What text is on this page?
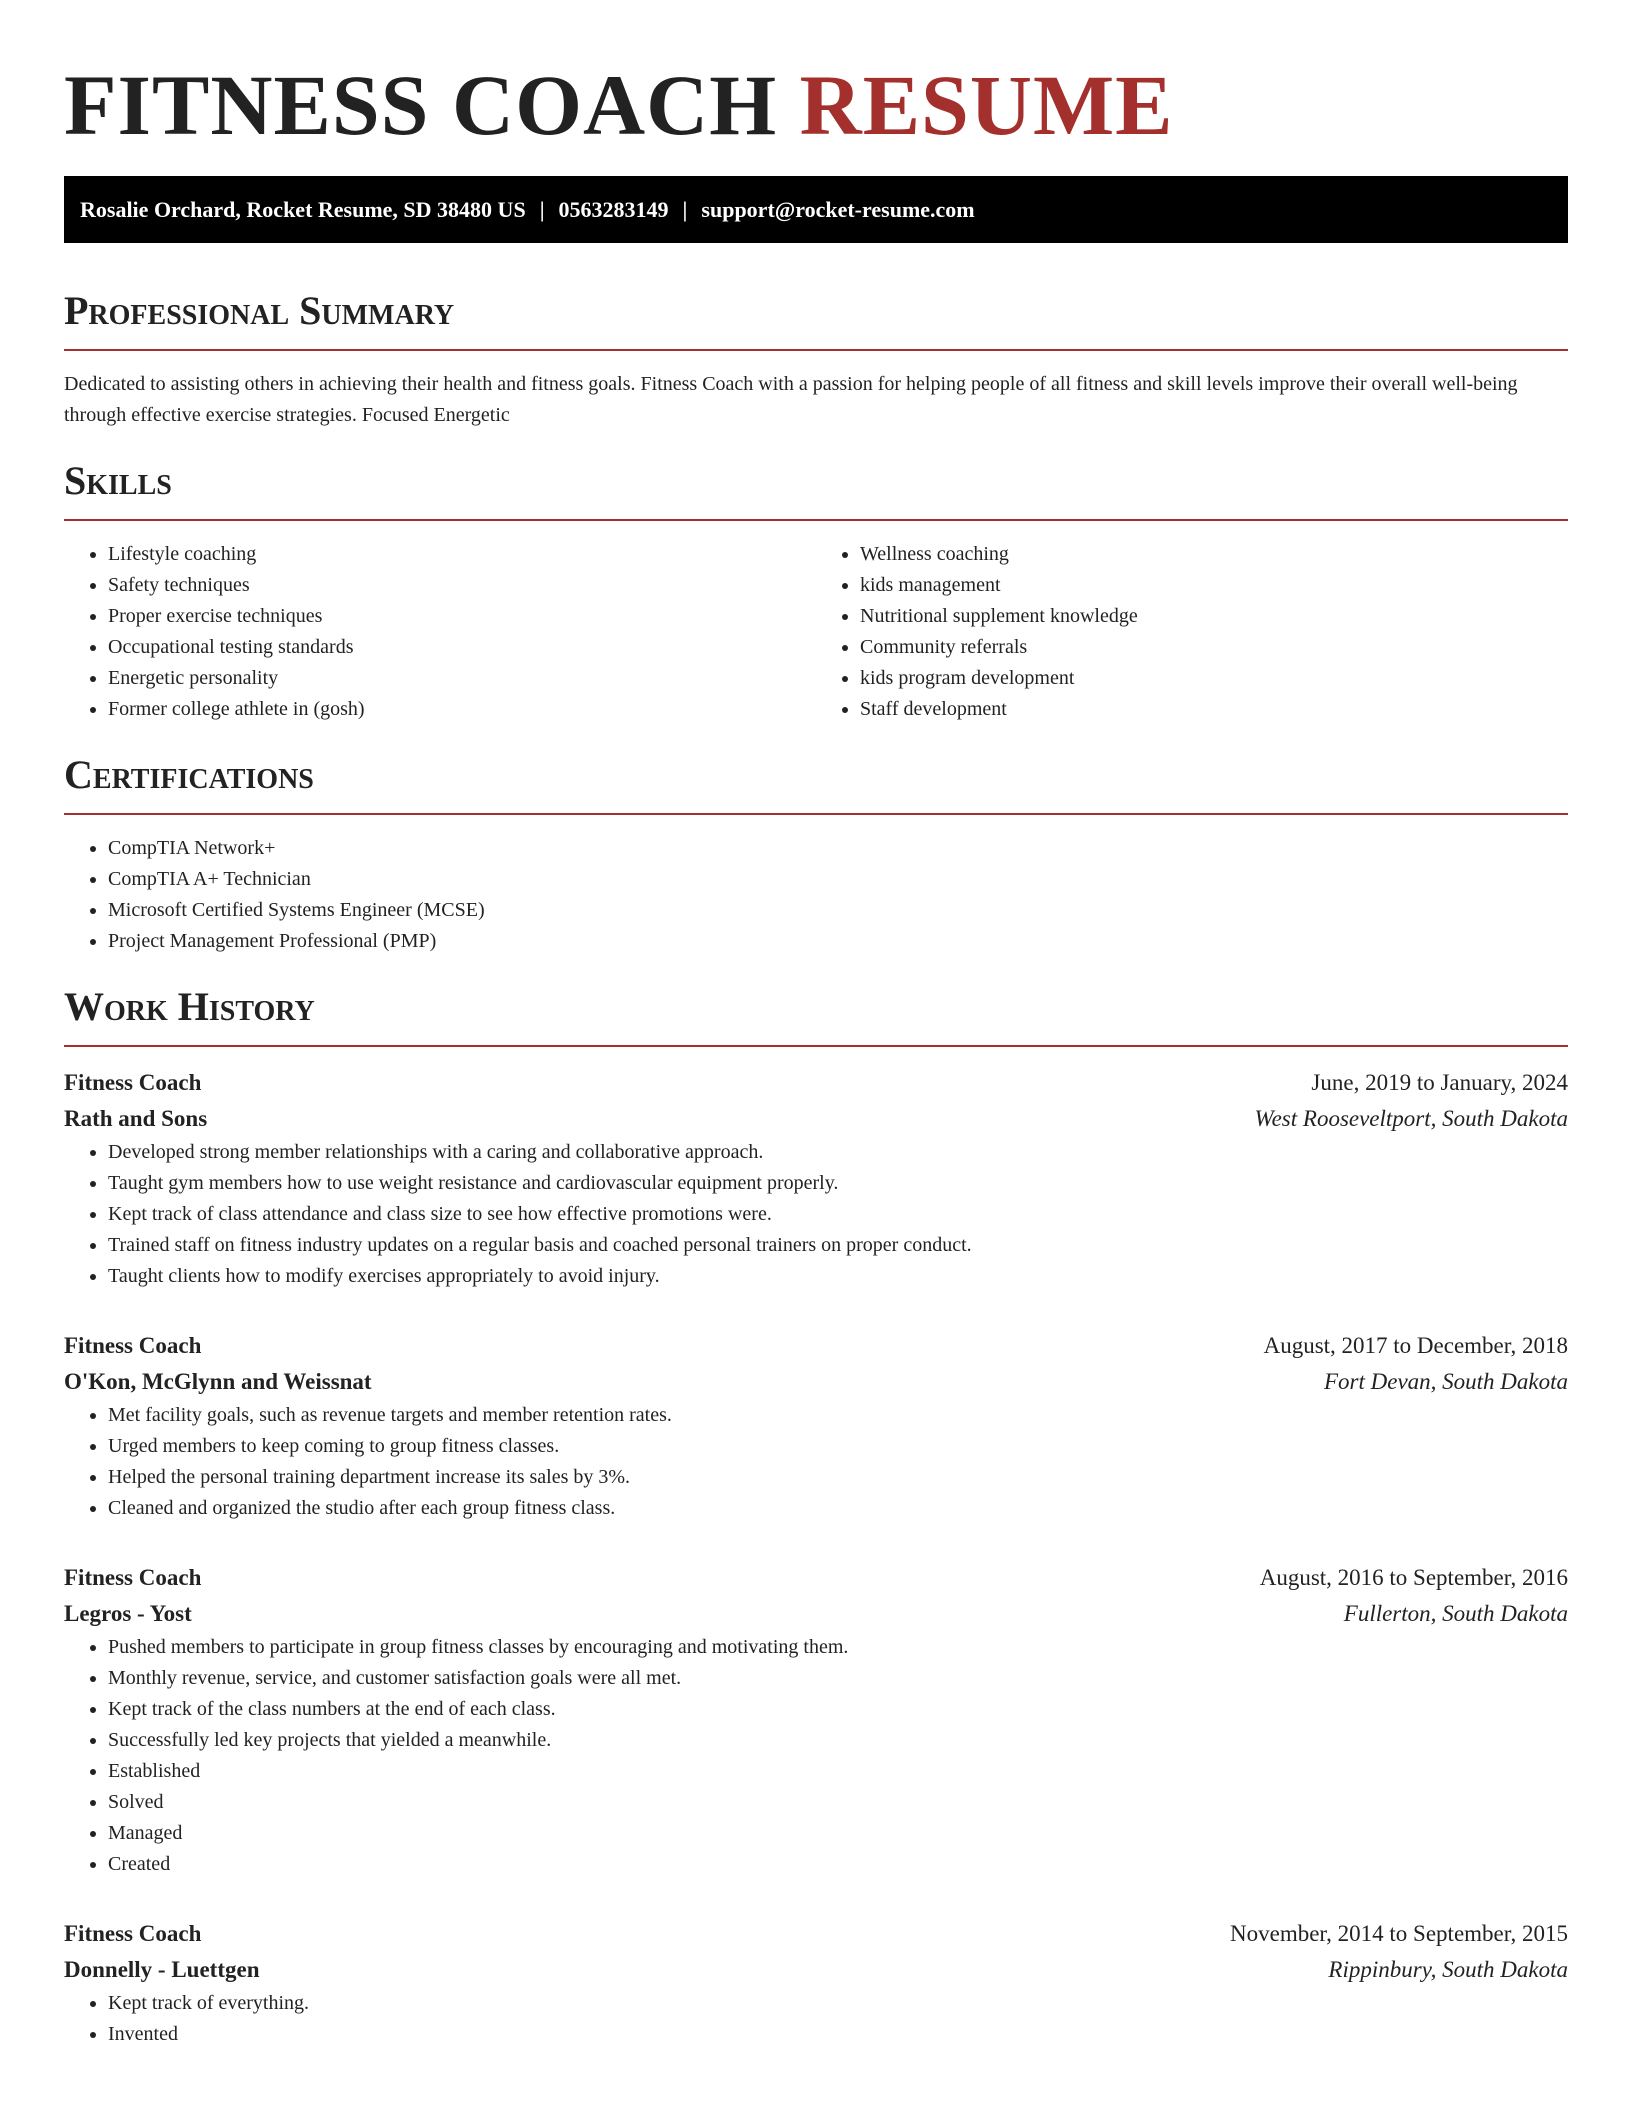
FITNESS COACH RESUME
Rosalie Orchard, Rocket Resume, SD 38480 US | 0563283149 | support@rocket-resume.com
Professional Summary

Dedicated to assisting others in achieving their health and fitness goals. Fitness Coach with a passion for helping people of all fitness and skill levels improve their overall well-being through effective exercise strategies. Focused Energetic

Skills
• Lifestyle coaching
• Safety techniques
• Proper exercise techniques
• Occupational testing standards
• Energetic personality
• Former college athlete in (gosh)
• Wellness coaching
• kids management
• Nutritional supplement knowledge
• Community referrals
• kids program development
• Staff development
Certifications
• CompTIA Network+
• CompTIA A+ Technician
• Microsoft Certified Systems Engineer (MCSE)
• Project Management Professional (PMP)
Work History
Fitness Coach	June, 2019 to January, 2024
Rath and Sons	West Rooseveltport, South Dakota
• Developed strong member relationships with a caring and collaborative approach.
• Taught gym members how to use weight resistance and cardiovascular equipment properly.
• Kept track of class attendance and class size to see how effective promotions were.
• Trained staff on fitness industry updates on a regular basis and coached personal trainers on proper conduct.
• Taught clients how to modify exercises appropriately to avoid injury.
Fitness Coach	August, 2017 to December, 2018
O'Kon, McGlynn and Weissnat	Fort Devan, South Dakota
• Met facility goals, such as revenue targets and member retention rates.
• Urged members to keep coming to group fitness classes.
• Helped the personal training department increase its sales by 3%.
• Cleaned and organized the studio after each group fitness class.
Fitness Coach	August, 2016 to September, 2016
Legros - Yost	Fullerton, South Dakota
• Pushed members to participate in group fitness classes by encouraging and motivating them.
• Monthly revenue, service, and customer satisfaction goals were all met.
• Kept track of the class numbers at the end of each class.
• Successfully led key projects that yielded a meanwhile.
• Established
• Solved
• Managed
• Created
Fitness Coach	November, 2014 to September, 2015
Donnelly - Luettgen	Rippinbury, South Dakota
• Kept track of everything.
• Invented
